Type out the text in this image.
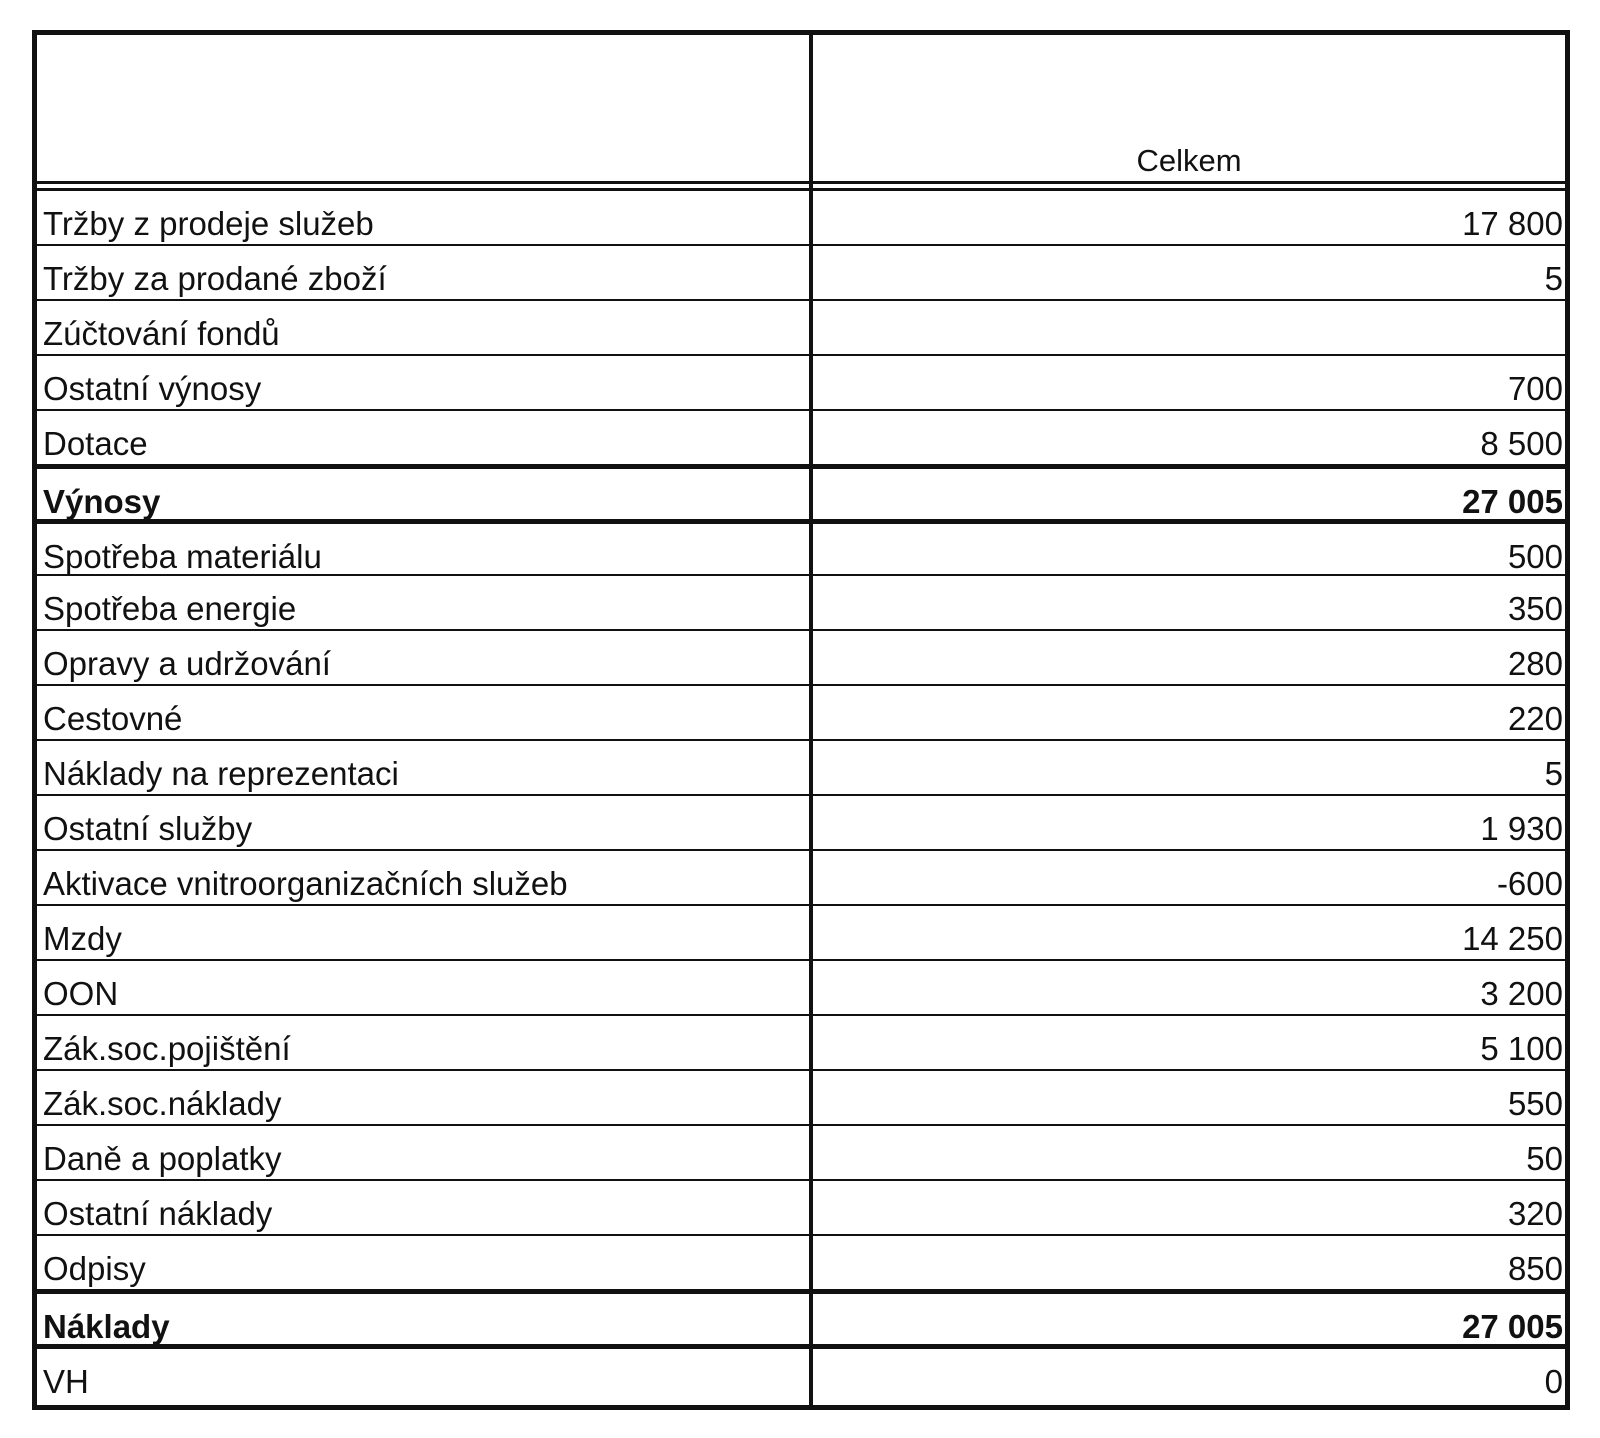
Celkem
Tržby z prodeje služeb	17 800
Tržby za prodané zboží	5
Zúčtování fondů
Ostatní výnosy	700
Dotace	8 500
Výnosy	27 005
Spotřeba materiálu	500
Spotřeba energie	350
Opravy a udržování	280
Cestovné	220
Náklady na reprezentaci	5
Ostatní služby	1 930
Aktivace vnitroorganizačních služeb	-600
Mzdy	14 250
OON	3 200
Zák.soc.pojištění	5 100
Zák.soc.náklady	550
Daně a poplatky	50
Ostatní náklady	320
Odpisy	850
Náklady	27 005
VH	0
